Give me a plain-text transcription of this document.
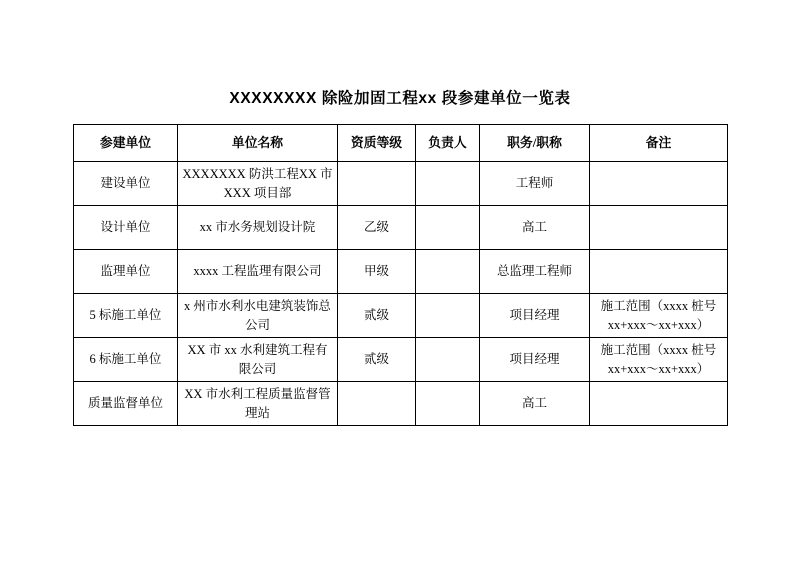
XXXXXXXX 除险加固工程xx 段参建单位一览表
参建单位	单位名称	资质等级	负责人	职务/职称	备注
建设单位	XXXXXXX 防洪工程XX 市XXX 项目部			工程师	
设计单位	xx 市水务规划设计院	乙级		高工	
监理单位	xxxx 工程监理有限公司	甲级		总监理工程师	
5 标施工单位	x 州市水利水电建筑装饰总公司	贰级		项目经理	施工范围（xxxx 桩号xx+xxx～xx+xxx）
6 标施工单位	XX 市 xx 水利建筑工程有限公司	贰级		项目经理	施工范围（xxxx 桩号xx+xxx～xx+xxx）
质量监督单位	XX 市水利工程质量监督管理站			高工	
